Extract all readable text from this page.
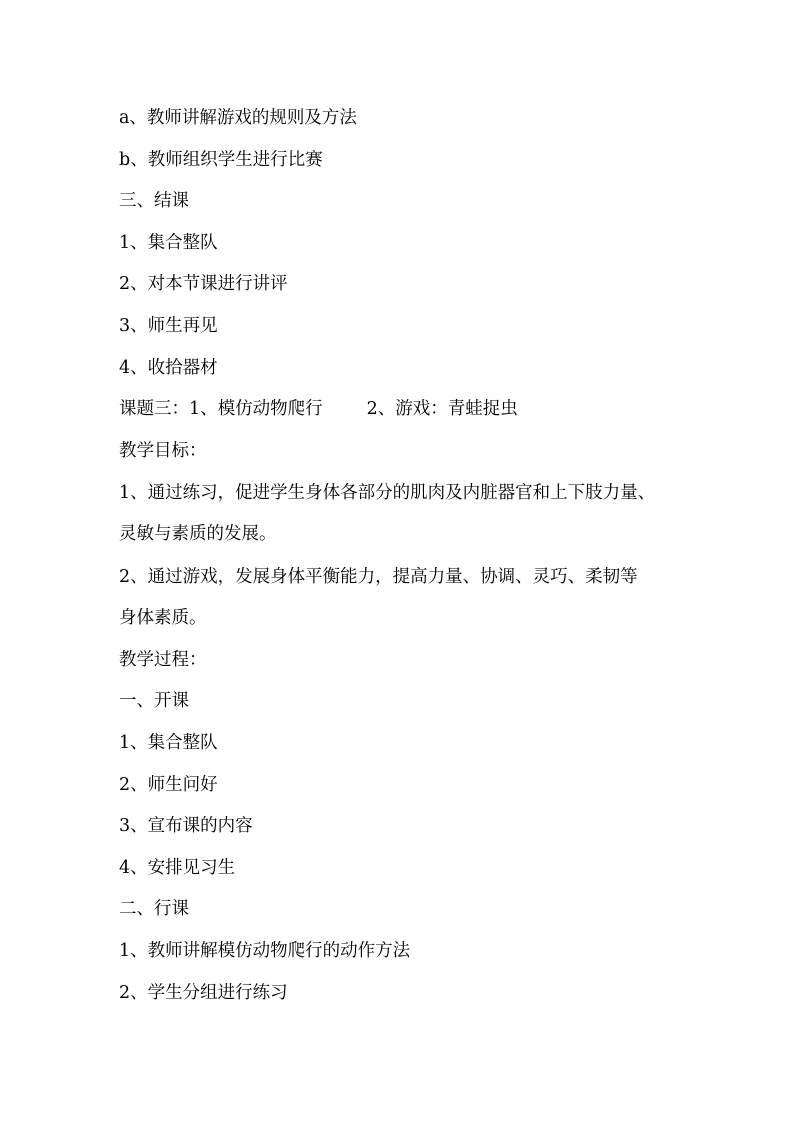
a、教师讲解游戏的规则及方法
b、教师组织学生进行比赛
三、结课
1、集合整队
2、对本节课进行讲评
3、师生再见
4、收拾器材
课题三：1、模仿动物爬行	2、游戏：青蛙捉虫
教学目标：
1、通过练习，促进学生身体各部分的肌肉及内脏器官和上下肢力量、
灵敏与素质的发展。
2、通过游戏，发展身体平衡能力，提高力量、协调、灵巧、柔韧等
身体素质。
教学过程：
一、开课
1、集合整队
2、师生问好
3、宣布课的内容
4、安排见习生
二、行课
1、教师讲解模仿动物爬行的动作方法
2、学生分组进行练习
